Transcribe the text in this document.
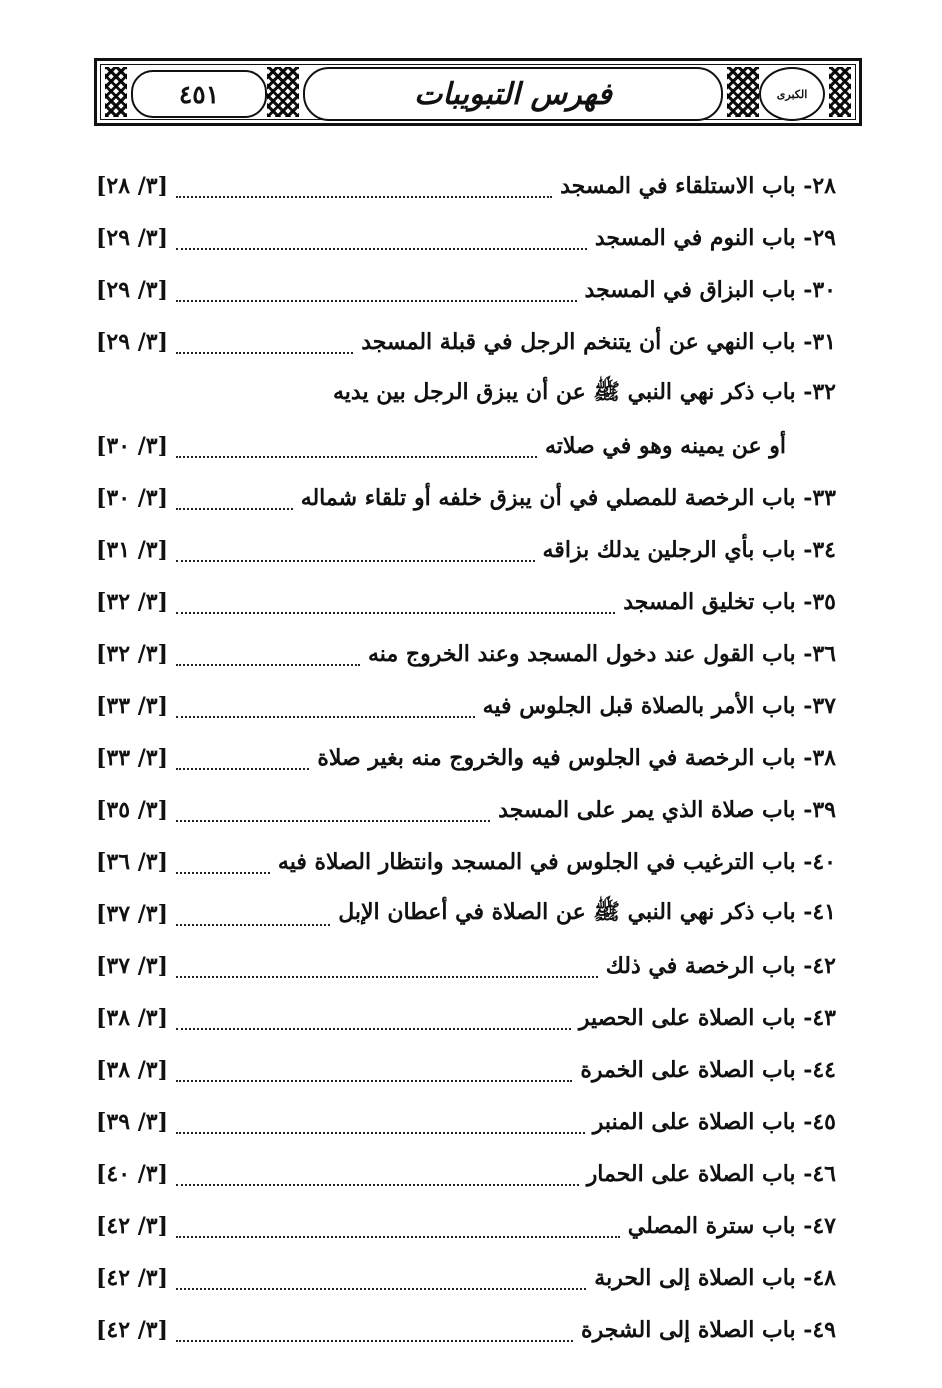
٤٥١	فهرس التبويبات	الكبرى
٢٨- باب الاستلقاء في المسجد
[٣/ ٢٨]
٢٩- باب النوم في المسجد
[٣/ ٢٩]
٣٠- باب البزاق في المسجد
[٣/ ٢٩]
٣١- باب النهي عن أن يتنخم الرجل في قبلة المسجد
[٣/ ٢٩]
٣٢- باب ذكر نهي النبي ﷺ عن أن يبزق الرجل بين يديه
أو عن يمينه وهو في صلاته
[٣/ ٣٠]
٣٣- باب الرخصة للمصلي في أن يبزق خلفه أو تلقاء شماله
[٣/ ٣٠]
٣٤- باب بأي الرجلين يدلك بزاقه
[٣/ ٣١]
٣٥- باب تخليق المسجد
[٣/ ٣٢]
٣٦- باب القول عند دخول المسجد وعند الخروج منه
[٣/ ٣٢]
٣٧- باب الأمر بالصلاة قبل الجلوس فيه
[٣/ ٣٣]
٣٨- باب الرخصة في الجلوس فيه والخروج منه بغير صلاة
[٣/ ٣٣]
٣٩- باب صلاة الذي يمر على المسجد
[٣/ ٣٥]
٤٠- باب الترغيب في الجلوس في المسجد وانتظار الصلاة فيه
[٣/ ٣٦]
٤١- باب ذكر نهي النبي ﷺ عن الصلاة في أعطان الإبل
[٣/ ٣٧]
٤٢- باب الرخصة في ذلك
[٣/ ٣٧]
٤٣- باب الصلاة على الحصير
[٣/ ٣٨]
٤٤- باب الصلاة على الخمرة
[٣/ ٣٨]
٤٥- باب الصلاة على المنبر
[٣/ ٣٩]
٤٦- باب الصلاة على الحمار
[٣/ ٤٠]
٤٧- باب سترة المصلي
[٣/ ٤٢]
٤٨- باب الصلاة إلى الحربة
[٣/ ٤٢]
٤٩- باب الصلاة إلى الشجرة
[٣/ ٤٢]
